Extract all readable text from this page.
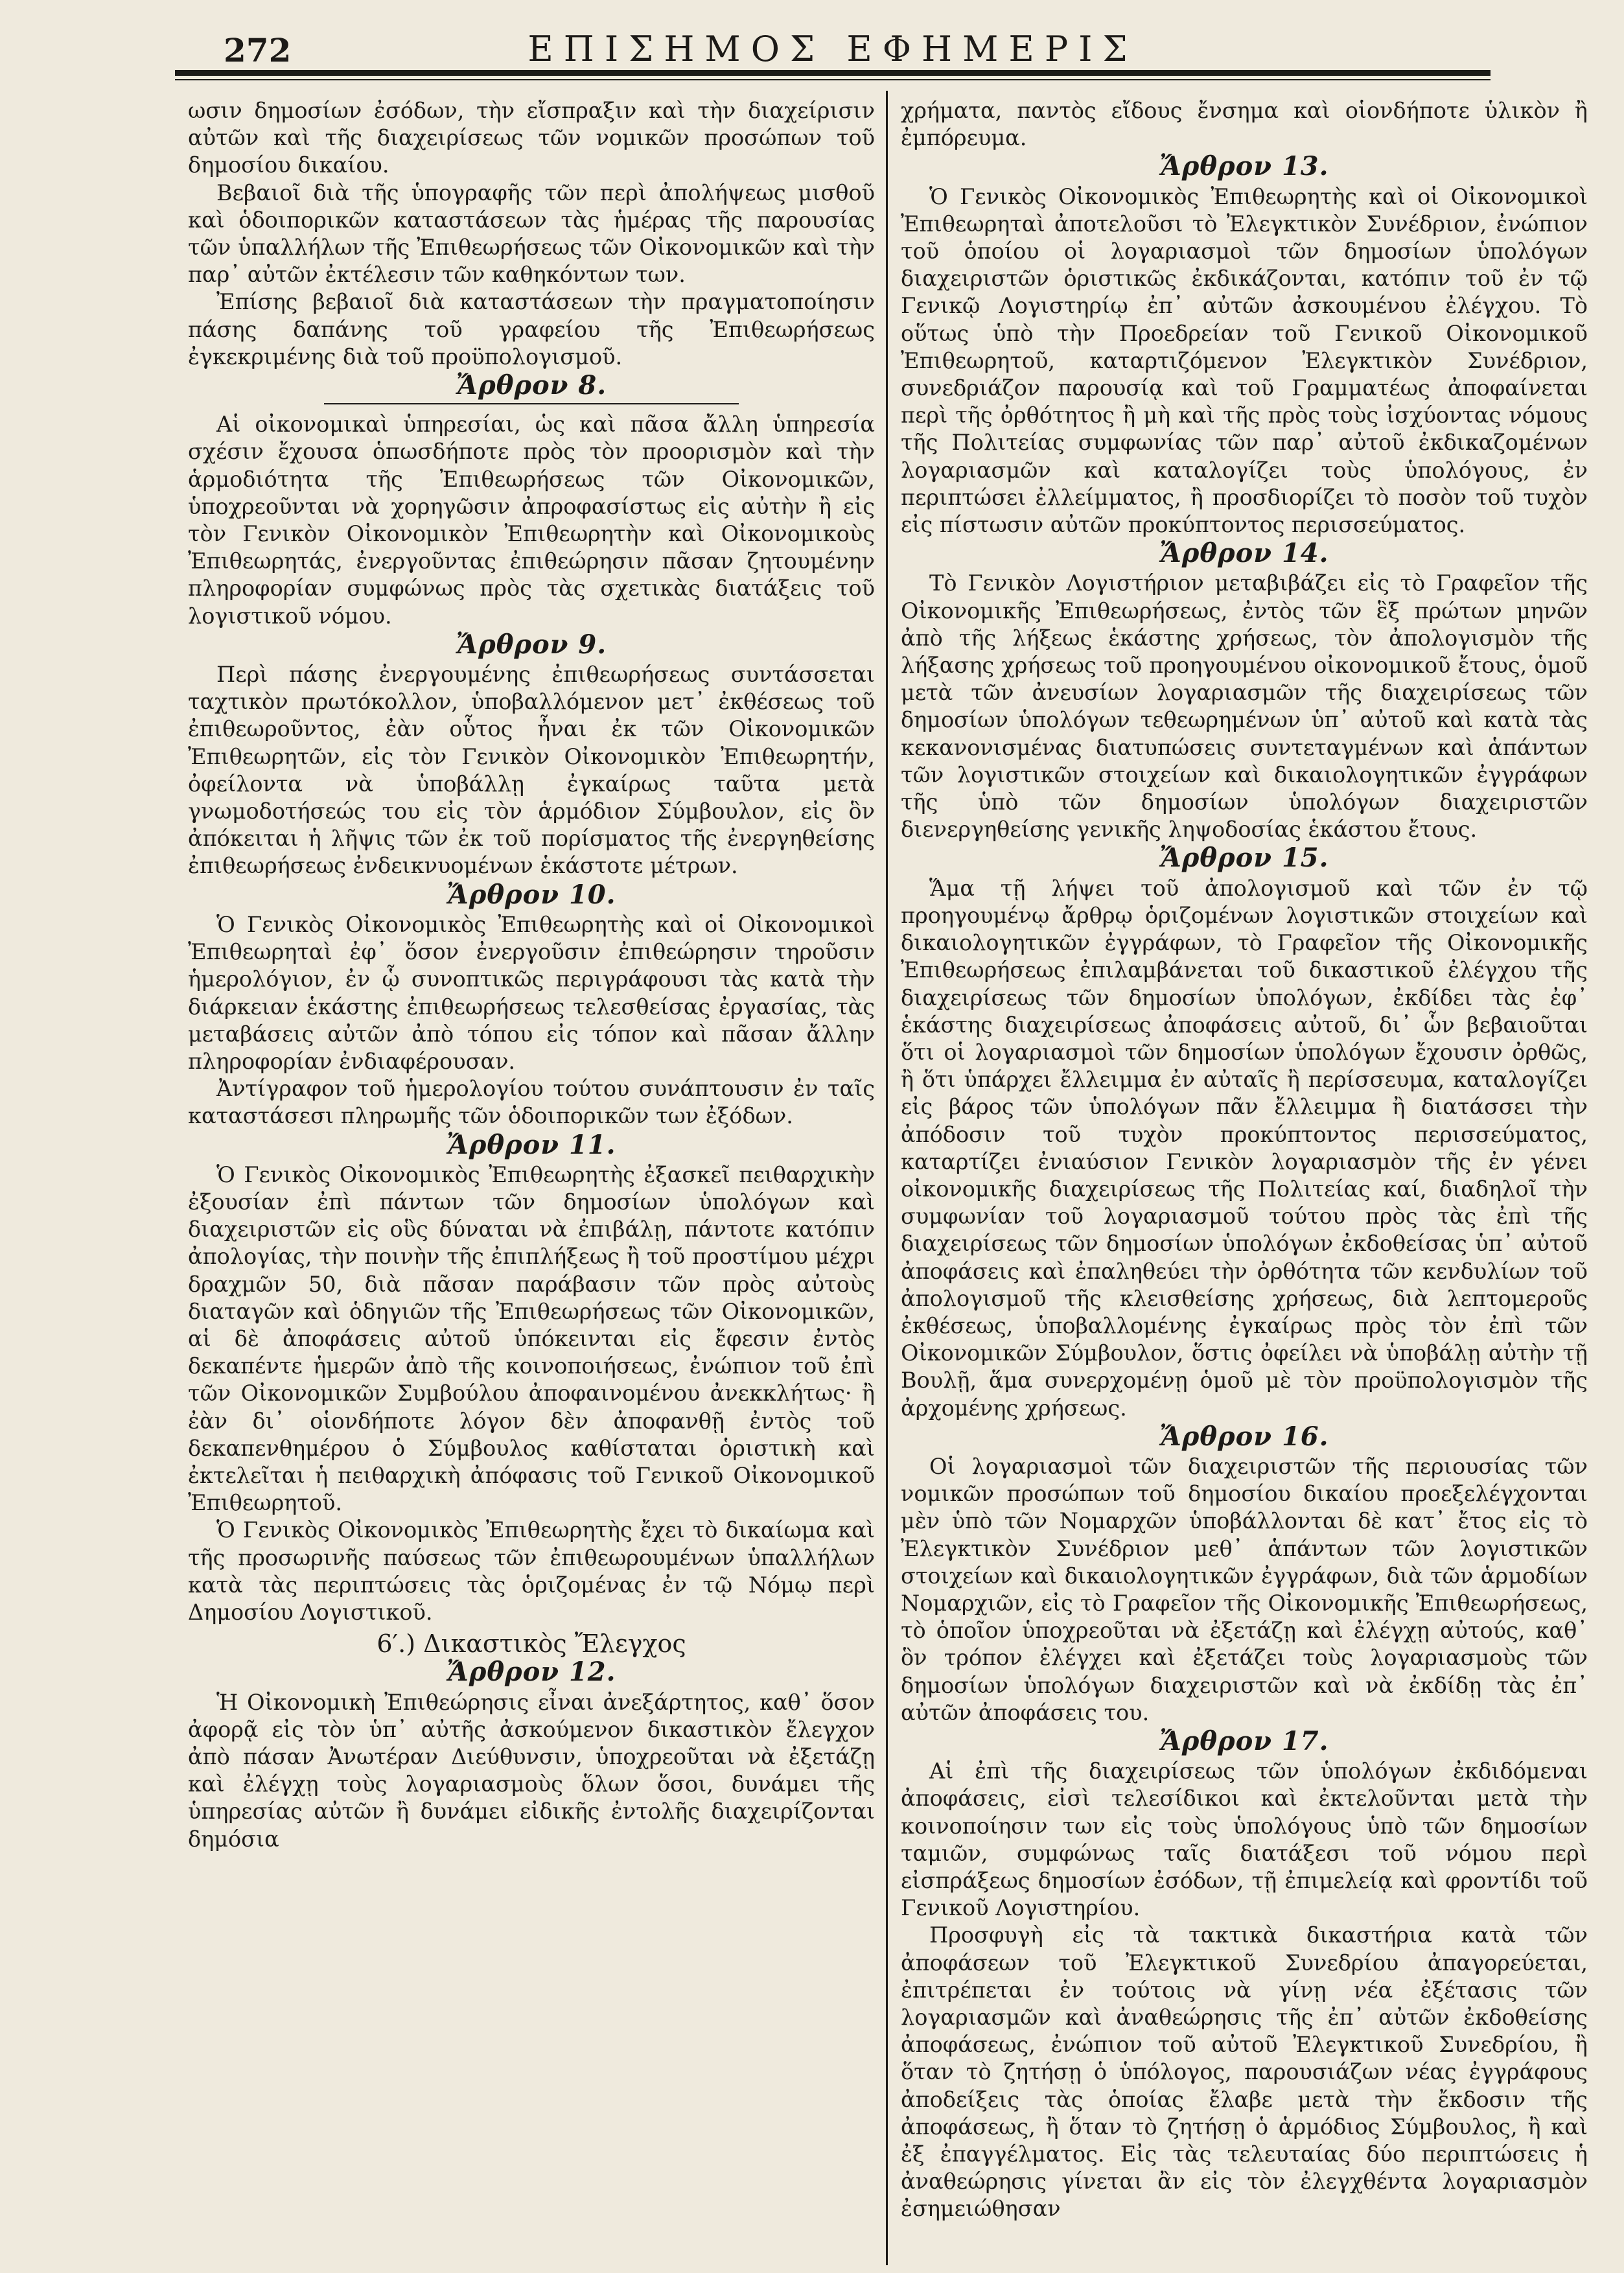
272	ΕΠΙΣΗΜΟΣ ΕΦΗΜΕΡΙΣ

ωσιν δημοσίων ἐσόδων, τὴν εἴσπραξιν καὶ τὴν διαχείρισιν αὐτῶν καὶ τῆς διαχειρίσεως τῶν νομικῶν προσώπων τοῦ δημοσίου δικαίου.

Βεβαιοῖ διὰ τῆς ὑπογραφῆς τῶν περὶ ἀπολήψεως μισθοῦ καὶ ὁδοιπορικῶν καταστάσεων τὰς ἡμέρας τῆς παρουσίας τῶν ὑπαλλήλων τῆς Ἐπιθεωρήσεως τῶν Οἰκονομικῶν καὶ τὴν παρ᾽ αὐτῶν ἐκτέλεσιν τῶν καθηκόντων των.

Ἐπίσης βεβαιοῖ διὰ καταστάσεων τὴν πραγματοποίησιν πάσης δαπάνης τοῦ γραφείου τῆς Ἐπιθεωρήσεως ἐγκεκριμένης διὰ τοῦ προϋπολογισμοῦ.

Ἄρθρον 8.

Αἱ οἰκονομικαὶ ὑπηρεσίαι, ὡς καὶ πᾶσα ἄλλη ὑπηρεσία σχέσιν ἔχουσα ὁπωσδήποτε πρὸς τὸν προορισμὸν καὶ τὴν ἁρμοδιότητα τῆς Ἐπιθεωρήσεως τῶν Οἰκονομικῶν, ὑποχρεοῦνται νὰ χορηγῶσιν ἀπροφασίστως εἰς αὐτὴν ἢ εἰς τὸν Γενικὸν Οἰκονομικὸν Ἐπιθεωρητὴν καὶ Οἰκονομικοὺς Ἐπιθεωρητάς, ἐνεργοῦντας ἐπιθεώρησιν πᾶσαν ζητουμένην πληροφορίαν συμφώνως πρὸς τὰς σχετικὰς διατάξεις τοῦ λογιστικοῦ νόμου.

Ἄρθρον 9.

Περὶ πάσης ἐνεργουμένης ἐπιθεωρήσεως συντάσσεται ταχτικὸν πρωτόκολλον, ὑποβαλλόμενον μετ᾽ ἐκθέσεως τοῦ ἐπιθεωροῦντος, ἐὰν οὗτος ἦναι ἐκ τῶν Οἰκονομικῶν Ἐπιθεωρητῶν, εἰς τὸν Γενικὸν Οἰκονομικὸν Ἐπιθεωρητήν, ὀφείλοντα νὰ ὑποβάλλῃ ἐγκαίρως ταῦτα μετὰ γνωμοδοτήσεώς του εἰς τὸν ἁρμόδιον Σύμβουλον, εἰς ὃν ἀπόκειται ἡ λῆψις τῶν ἐκ τοῦ πορίσματος τῆς ἐνεργηθείσης ἐπιθεωρήσεως ἐνδεικνυομένων ἑκάστοτε μέτρων.

Ἄρθρον 10.

Ὁ Γενικὸς Οἰκονομικὸς Ἐπιθεωρητὴς καὶ οἱ Οἰκονομικοὶ Ἐπιθεωρηταὶ ἐφ᾽ ὅσον ἐνεργοῦσιν ἐπιθεώρησιν τηροῦσιν ἡμερολόγιον, ἐν ᾧ συνοπτικῶς περιγράφουσι τὰς κατὰ τὴν διάρκειαν ἑκάστης ἐπιθεωρήσεως τελεσθείσας ἐργασίας, τὰς μεταβάσεις αὐτῶν ἀπὸ τόπου εἰς τόπον καὶ πᾶσαν ἄλλην πληροφορίαν ἐνδιαφέρουσαν.

Ἀντίγραφον τοῦ ἡμερολογίου τούτου συνάπτουσιν ἐν ταῖς καταστάσεσι πληρωμῆς τῶν ὁδοιπορικῶν των ἐξόδων.

Ἄρθρον 11.

Ὁ Γενικὸς Οἰκονομικὸς Ἐπιθεωρητὴς ἐξασκεῖ πειθαρχικὴν ἐξουσίαν ἐπὶ πάντων τῶν δημοσίων ὑπολόγων καὶ διαχειριστῶν εἰς οὓς δύναται νὰ ἐπιβάλῃ, πάντοτε κατόπιν ἀπολογίας, τὴν ποινὴν τῆς ἐπιπλήξεως ἢ τοῦ προστίμου μέχρι δραχμῶν 50, διὰ πᾶσαν παράβασιν τῶν πρὸς αὐτοὺς διαταγῶν καὶ ὁδηγιῶν τῆς Ἐπιθεωρήσεως τῶν Οἰκονομικῶν, αἱ δὲ ἀποφάσεις αὐτοῦ ὑπόκεινται εἰς ἔφεσιν ἐντὸς δεκαπέντε ἡμερῶν ἀπὸ τῆς κοινοποιήσεως, ἐνώπιον τοῦ ἐπὶ τῶν Οἰκονομικῶν Συμβούλου ἀποφαινομένου ἀνεκκλήτως· ἢ ἐὰν δι᾽ οἱονδήποτε λόγον δὲν ἀποφανθῇ ἐντὸς τοῦ δεκαπενθημέρου ὁ Σύμβουλος καθίσταται ὁριστικὴ καὶ ἐκτελεῖται ἡ πειθαρχικὴ ἀπόφασις τοῦ Γενικοῦ Οἰκονομικοῦ Ἐπιθεωρητοῦ.

Ὁ Γενικὸς Οἰκονομικὸς Ἐπιθεωρητὴς ἔχει τὸ δικαίωμα καὶ τῆς προσωρινῆς παύσεως τῶν ἐπιθεωρουμένων ὑπαλλήλων κατὰ τὰς περιπτώσεις τὰς ὁριζομένας ἐν τῷ Νόμῳ περὶ Δημοσίου Λογιστικοῦ.

6′.) Δικαστικὸς Ἔλεγχος
Ἄρθρον 12.

Ἡ Οἰκονομικὴ Ἐπιθεώρησις εἶναι ἀνεξάρτητος, καθ᾽ ὅσον ἀφορᾷ εἰς τὸν ὑπ᾽ αὐτῆς ἀσκούμενον δικαστικὸν ἔλεγχον ἀπὸ πάσαν Ἀνωτέραν Διεύθυνσιν, ὑποχρεοῦται νὰ ἐξετάζῃ καὶ ἐλέγχῃ τοὺς λογαριασμοὺς ὅλων ὅσοι, δυνάμει τῆς ὑπηρεσίας αὐτῶν ἢ δυνάμει εἰδικῆς ἐντολῆς διαχειρίζονται δημόσια

χρήματα, παντὸς εἴδους ἔνσημα καὶ οἱονδήποτε ὑλικὸν ἢ ἐμπόρευμα.

Ἄρθρον 13.

Ὁ Γενικὸς Οἰκονομικὸς Ἐπιθεωρητὴς καὶ οἱ Οἰκονομικοὶ Ἐπιθεωρηταὶ ἀποτελοῦσι τὸ Ἐλεγκτικὸν Συνέδριον, ἐνώπιον τοῦ ὁποίου οἱ λογαριασμοὶ τῶν δημοσίων ὑπολόγων διαχειριστῶν ὁριστικῶς ἐκδικάζονται, κατόπιν τοῦ ἐν τῷ Γενικῷ Λογιστηρίῳ ἐπ᾽ αὐτῶν ἀσκουμένου ἐλέγχου. Τὸ οὕτως ὑπὸ τὴν Προεδρείαν τοῦ Γενικοῦ Οἰκονομικοῦ Ἐπιθεωρητοῦ, καταρτιζόμενον Ἐλεγκτικὸν Συνέδριον, συνεδριάζον παρουσίᾳ καὶ τοῦ Γραμματέως ἀποφαίνεται περὶ τῆς ὀρθότητος ἢ μὴ καὶ τῆς πρὸς τοὺς ἰσχύοντας νόμους τῆς Πολιτείας συμφωνίας τῶν παρ᾽ αὐτοῦ ἐκδικαζομένων λογαριασμῶν καὶ καταλογίζει τοὺς ὑπολόγους, ἐν περιπτώσει ἐλλείμματος, ἢ προσδιορίζει τὸ ποσὸν τοῦ τυχὸν εἰς πίστωσιν αὐτῶν προκύπτοντος περισσεύματος.

Ἄρθρον 14.

Τὸ Γενικὸν Λογιστήριον μεταβιβάζει εἰς τὸ Γραφεῖον τῆς Οἰκονομικῆς Ἐπιθεωρήσεως, ἐντὸς τῶν ἓξ πρώτων μηνῶν ἀπὸ τῆς λήξεως ἑκάστης χρήσεως, τὸν ἀπολογισμὸν τῆς λήξασης χρήσεως τοῦ προηγουμένου οἰκονομικοῦ ἔτους, ὁμοῦ μετὰ τῶν ἀνευσίων λογαριασμῶν τῆς διαχειρίσεως τῶν δημοσίων ὑπολόγων τεθεωρημένων ὑπ᾽ αὐτοῦ καὶ κατὰ τὰς κεκανονισμένας διατυπώσεις συντεταγμένων καὶ ἁπάντων τῶν λογιστικῶν στοιχείων καὶ δικαιολογητικῶν ἐγγράφων τῆς ὑπὸ τῶν δημοσίων ὑπολόγων διαχειριστῶν διενεργηθείσης γενικῆς ληψοδοσίας ἑκάστου ἔτους.

Ἄρθρον 15.

Ἅμα τῇ λήψει τοῦ ἀπολογισμοῦ καὶ τῶν ἐν τῷ προηγουμένῳ ἄρθρῳ ὁριζομένων λογιστικῶν στοιχείων καὶ δικαιολογητικῶν ἐγγράφων, τὸ Γραφεῖον τῆς Οἰκονομικῆς Ἐπιθεωρήσεως ἐπιλαμβάνεται τοῦ δικαστικοῦ ἐλέγχου τῆς διαχειρίσεως τῶν δημοσίων ὑπολόγων, ἐκδίδει τὰς ἐφ᾽ ἑκάστης διαχειρίσεως ἀποφάσεις αὐτοῦ, δι᾽ ὧν βεβαιοῦται ὅτι οἱ λογαριασμοὶ τῶν δημοσίων ὑπολόγων ἔχουσιν ὀρθῶς, ἢ ὅτι ὑπάρχει ἔλλειμμα ἐν αὐταῖς ἢ περίσσευμα, καταλογίζει εἰς βάρος τῶν ὑπολόγων πᾶν ἔλλειμμα ἢ διατάσσει τὴν ἀπόδοσιν τοῦ τυχὸν προκύπτοντος περισσεύματος, καταρτίζει ἐνιαύσιον Γενικὸν λογαριασμὸν τῆς ἐν γένει οἰκονομικῆς διαχειρίσεως τῆς Πολιτείας καί, διαδηλοῖ τὴν συμφωνίαν τοῦ λογαριασμοῦ τούτου πρὸς τὰς ἐπὶ τῆς διαχειρίσεως τῶν δημοσίων ὑπολόγων ἐκδοθείσας ὑπ᾽ αὐτοῦ ἀποφάσεις καὶ ἐπαληθεύει τὴν ὀρθότητα τῶν κενδυλίων τοῦ ἀπολογισμοῦ τῆς κλεισθείσης χρήσεως, διὰ λεπτομεροῦς ἐκθέσεως, ὑποβαλλομένης ἐγκαίρως πρὸς τὸν ἐπὶ τῶν Οἰκονομικῶν Σύμβουλον, ὅστις ὀφείλει νὰ ὑποβάλῃ αὐτὴν τῇ Βουλῇ, ἅμα συνερχομένῃ ὁμοῦ μὲ τὸν προϋπολογισμὸν τῆς ἀρχομένης χρήσεως.

Ἄρθρον 16.

Οἱ λογαριασμοὶ τῶν διαχειριστῶν τῆς περιουσίας τῶν νομικῶν προσώπων τοῦ δημοσίου δικαίου προεξελέγχονται μὲν ὑπὸ τῶν Νομαρχῶν ὑποβάλλονται δὲ κατ᾽ ἔτος εἰς τὸ Ἐλεγκτικὸν Συνέδριον μεθ᾽ ἁπάντων τῶν λογιστικῶν στοιχείων καὶ δικαιολογητικῶν ἐγγράφων, διὰ τῶν ἁρμοδίων Νομαρχιῶν, εἰς τὸ Γραφεῖον τῆς Οἰκονομικῆς Ἐπιθεωρήσεως, τὸ ὁποῖον ὑποχρεοῦται νὰ ἐξετάζῃ καὶ ἐλέγχῃ αὐτούς, καθ᾽ ὃν τρόπον ἐλέγχει καὶ ἐξετάζει τοὺς λογαριασμοὺς τῶν δημοσίων ὑπολόγων διαχειριστῶν καὶ νὰ ἐκδίδῃ τὰς ἐπ᾽ αὐτῶν ἀποφάσεις του.

Ἄρθρον 17.

Αἱ ἐπὶ τῆς διαχειρίσεως τῶν ὑπολόγων ἐκδιδόμεναι ἀποφάσεις, εἰσὶ τελεσίδικοι καὶ ἐκτελοῦνται μετὰ τὴν κοινοποίησιν των εἰς τοὺς ὑπολόγους ὑπὸ τῶν δημοσίων ταμιῶν, συμφώνως ταῖς διατάξεσι τοῦ νόμου περὶ εἰσπράξεως δημοσίων ἐσόδων, τῇ ἐπιμελείᾳ καὶ φροντίδι τοῦ Γενικοῦ Λογιστηρίου.

Προσφυγὴ εἰς τὰ τακτικὰ δικαστήρια κατὰ τῶν ἀποφάσεων τοῦ Ἐλεγκτικοῦ Συνεδρίου ἀπαγορεύεται, ἐπιτρέπεται ἐν τούτοις νὰ γίνῃ νέα ἐξέτασις τῶν λογαριασμῶν καὶ ἀναθεώρησις τῆς ἐπ᾽ αὐτῶν ἐκδοθείσης ἀποφάσεως, ἐνώπιον τοῦ αὐτοῦ Ἐλεγκτικοῦ Συνεδρίου, ἢ ὅταν τὸ ζητήσῃ ὁ ὑπόλογος, παρουσιάζων νέας ἐγγράφους ἀποδείξεις τὰς ὁποίας ἔλαβε μετὰ τὴν ἔκδοσιν τῆς ἀποφάσεως, ἢ ὅταν τὸ ζητήσῃ ὁ ἁρμόδιος Σύμβουλος, ἢ καὶ ἐξ ἐπαγγέλματος. Εἰς τὰς τελευταίας δύο περιπτώσεις ἡ ἀναθεώρησις γίνεται ἂν εἰς τὸν ἐλεγχθέντα λογαριασμὸν ἐσημειώθησαν
